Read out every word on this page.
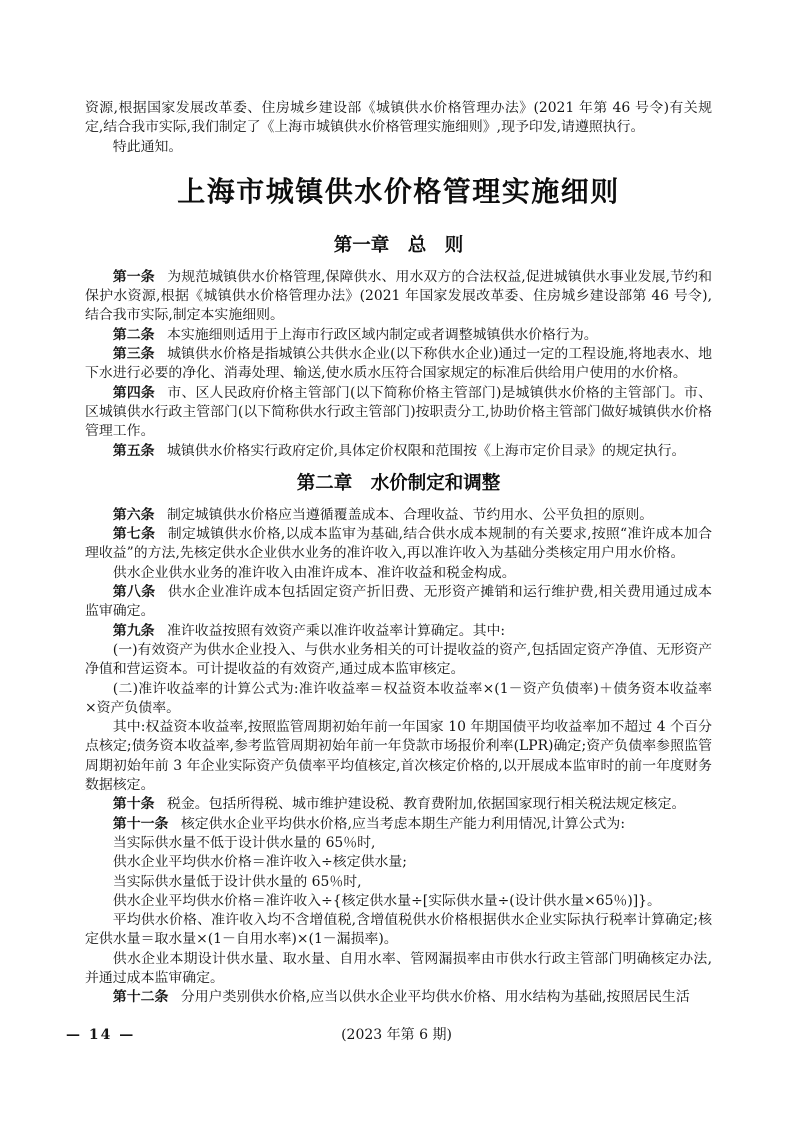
资源,根据国家发展改革委、住房城乡建设部《城镇供水价格管理办法》(2021 年第 46 号令)有关规定,结合我市实际,我们制定了《上海市城镇供水价格管理实施细则》,现予印发,请遵照执行。

特此通知。

上海市城镇供水价格管理实施细则
第一章　总　则

第一条 为规范城镇供水价格管理,保障供水、用水双方的合法权益,促进城镇供水事业发展,节约和保护水资源,根据《城镇供水价格管理办法》(2021 年国家发展改革委、住房城乡建设部第 46 号令),结合我市实际,制定本实施细则。

第二条 本实施细则适用于上海市行政区域内制定或者调整城镇供水价格行为。

第三条 城镇供水价格是指城镇公共供水企业(以下称供水企业)通过一定的工程设施,将地表水、地下水进行必要的净化、消毒处理、输送,使水质水压符合国家规定的标准后供给用户使用的水价格。

第四条 市、区人民政府价格主管部门(以下简称价格主管部门)是城镇供水价格的主管部门。市、区城镇供水行政主管部门(以下简称供水行政主管部门)按职责分工,协助价格主管部门做好城镇供水价格管理工作。

第五条 城镇供水价格实行政府定价,具体定价权限和范围按《上海市定价目录》的规定执行。

第二章　水价制定和调整

第六条 制定城镇供水价格应当遵循覆盖成本、合理收益、节约用水、公平负担的原则。

第七条 制定城镇供水价格,以成本监审为基础,结合供水成本规制的有关要求,按照“准许成本加合理收益”的方法,先核定供水企业供水业务的准许收入,再以准许收入为基础分类核定用户用水价格。

供水企业供水业务的准许收入由准许成本、准许收益和税金构成。

第八条 供水企业准许成本包括固定资产折旧费、无形资产摊销和运行维护费,相关费用通过成本监审确定。

第九条 准许收益按照有效资产乘以准许收益率计算确定。其中:

(一)有效资产为供水企业投入、与供水业务相关的可计提收益的资产,包括固定资产净值、无形资产净值和营运资本。可计提收益的有效资产,通过成本监审核定。

(二)准许收益率的计算公式为:准许收益率＝权益资本收益率×(1－资产负债率)＋债务资本收益率×资产负债率。

其中:权益资本收益率,按照监管周期初始年前一年国家 10 年期国债平均收益率加不超过 4 个百分点核定;债务资本收益率,参考监管周期初始年前一年贷款市场报价利率(LPR)确定;资产负债率参照监管周期初始年前 3 年企业实际资产负债率平均值核定,首次核定价格的,以开展成本监审时的前一年度财务数据核定。

第十条 税金。包括所得税、城市维护建设税、教育费附加,依据国家现行相关税法规定核定。

第十一条 核定供水企业平均供水价格,应当考虑本期生产能力利用情况,计算公式为:

当实际供水量不低于设计供水量的 65％时,

供水企业平均供水价格＝准许收入÷核定供水量;

当实际供水量低于设计供水量的 65％时,

供水企业平均供水价格＝准许收入÷{核定供水量÷[实际供水量÷(设计供水量×65％)]}。

平均供水价格、准许收入均不含增值税,含增值税供水价格根据供水企业实际执行税率计算确定;核定供水量＝取水量×(1－自用水率)×(1－漏损率)。

供水企业本期设计供水量、取水量、自用水率、管网漏损率由市供水行政主管部门明确核定办法,并通过成本监审确定。

第十二条 分用户类别供水价格,应当以供水企业平均供水价格、用水结构为基础,按照居民生活

— 14 —	(2023 年第 6 期)
